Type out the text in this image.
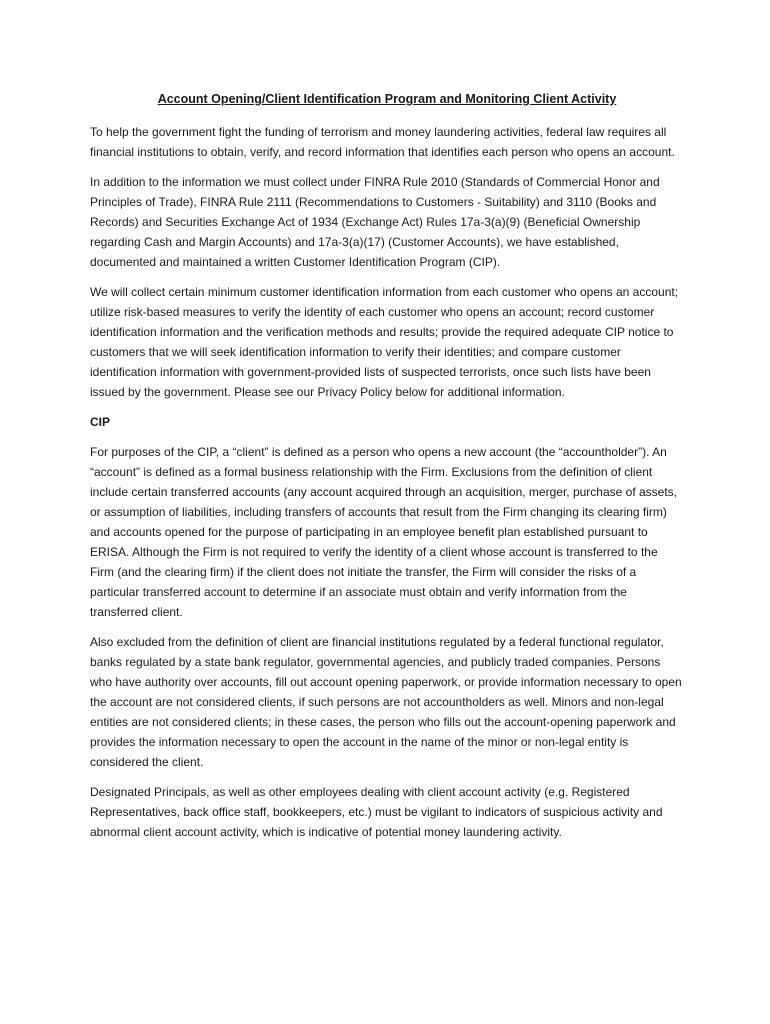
Account Opening/Client Identification Program and Monitoring Client Activity

To help the government fight the funding of terrorism and money laundering activities, federal law requires all financial institutions to obtain, verify, and record information that identifies each person who opens an account.

In addition to the information we must collect under FINRA Rule 2010 (Standards of Commercial Honor and Principles of Trade), FINRA Rule 2111 (Recommendations to Customers - Suitability) and 3110 (Books and Records) and Securities Exchange Act of 1934 (Exchange Act) Rules 17a-3(a)(9) (Beneficial Ownership regarding Cash and Margin Accounts) and 17a-3(a)(17) (Customer Accounts), we have established, documented and maintained a written Customer Identification Program (CIP).

We will collect certain minimum customer identification information from each customer who opens an account; utilize risk-based measures to verify the identity of each customer who opens an account; record customer identification information and the verification methods and results; provide the required adequate CIP notice to customers that we will seek identification information to verify their identities; and compare customer identification information with government-provided lists of suspected terrorists, once such lists have been issued by the government. Please see our Privacy Policy below for additional information.

CIP

For purposes of the CIP, a “client” is defined as a person who opens a new account (the “accountholder”). An “account” is defined as a formal business relationship with the Firm. Exclusions from the definition of client include certain transferred accounts (any account acquired through an acquisition, merger, purchase of assets, or assumption of liabilities, including transfers of accounts that result from the Firm changing its clearing firm) and accounts opened for the purpose of participating in an employee benefit plan established pursuant to ERISA. Although the Firm is not required to verify the identity of a client whose account is transferred to the Firm (and the clearing firm) if the client does not initiate the transfer, the Firm will consider the risks of a particular transferred account to determine if an associate must obtain and verify information from the transferred client.

Also excluded from the definition of client are financial institutions regulated by a federal functional regulator, banks regulated by a state bank regulator, governmental agencies, and publicly traded companies. Persons who have authority over accounts, fill out account opening paperwork, or provide information necessary to open the account are not considered clients, if such persons are not accountholders as well. Minors and non-legal entities are not considered clients; in these cases, the person who fills out the account-opening paperwork and provides the information necessary to open the account in the name of the minor or non-legal entity is considered the client.

Designated Principals, as well as other employees dealing with client account activity (e.g. Registered Representatives, back office staff, bookkeepers, etc.) must be vigilant to indicators of suspicious activity and abnormal client account activity, which is indicative of potential money laundering activity.
